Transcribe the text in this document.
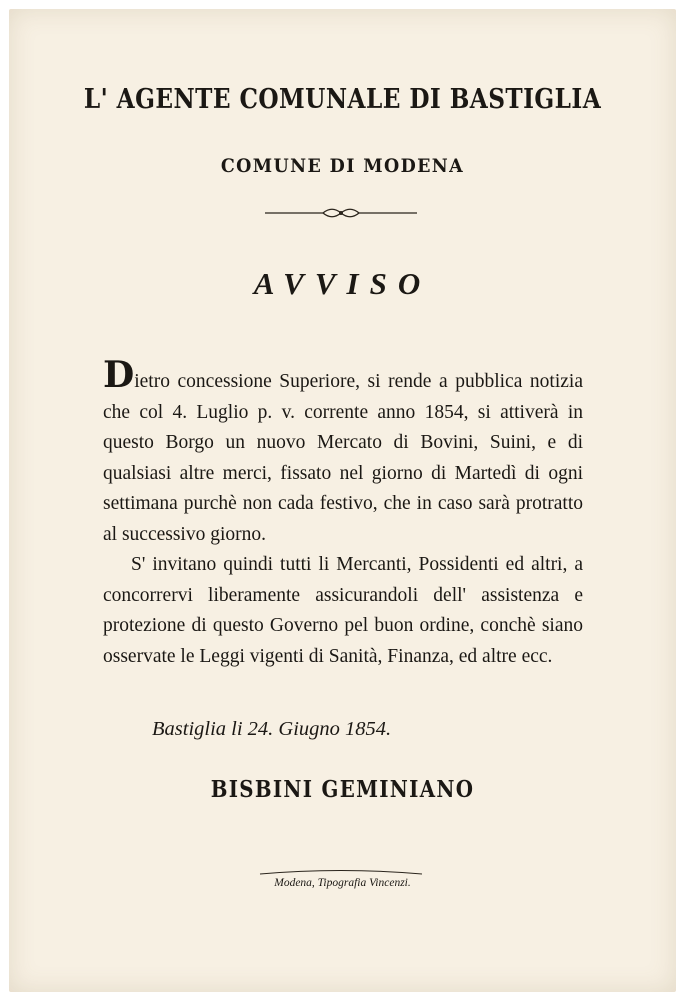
L' AGENTE COMUNALE DI BASTIGLIA
COMUNE DI MODENA
AVVISO

Dietro concessione Superiore, si rende a pubblica notizia che col 4. Luglio p. v. corrente anno 1854, si attiverà in questo Borgo un nuovo Mercato di Bovini, Suini, e di qualsiasi altre merci, fissato nel giorno di Martedì di ogni settimana purchè non cada festivo, che in caso sarà protratto al successivo giorno.

S' invitano quindi tutti li Mercanti, Possidenti ed altri, a concorrervi liberamente assicurandoli dell' assistenza e protezione di questo Governo pel buon ordine, conchè siano osservate le Leggi vigenti di Sanità, Finanza, ed altre ecc.

Bastiglia li 24. Giugno 1854.
BISBINI GEMINIANO
Modena, Tipografia Vincenzi.
